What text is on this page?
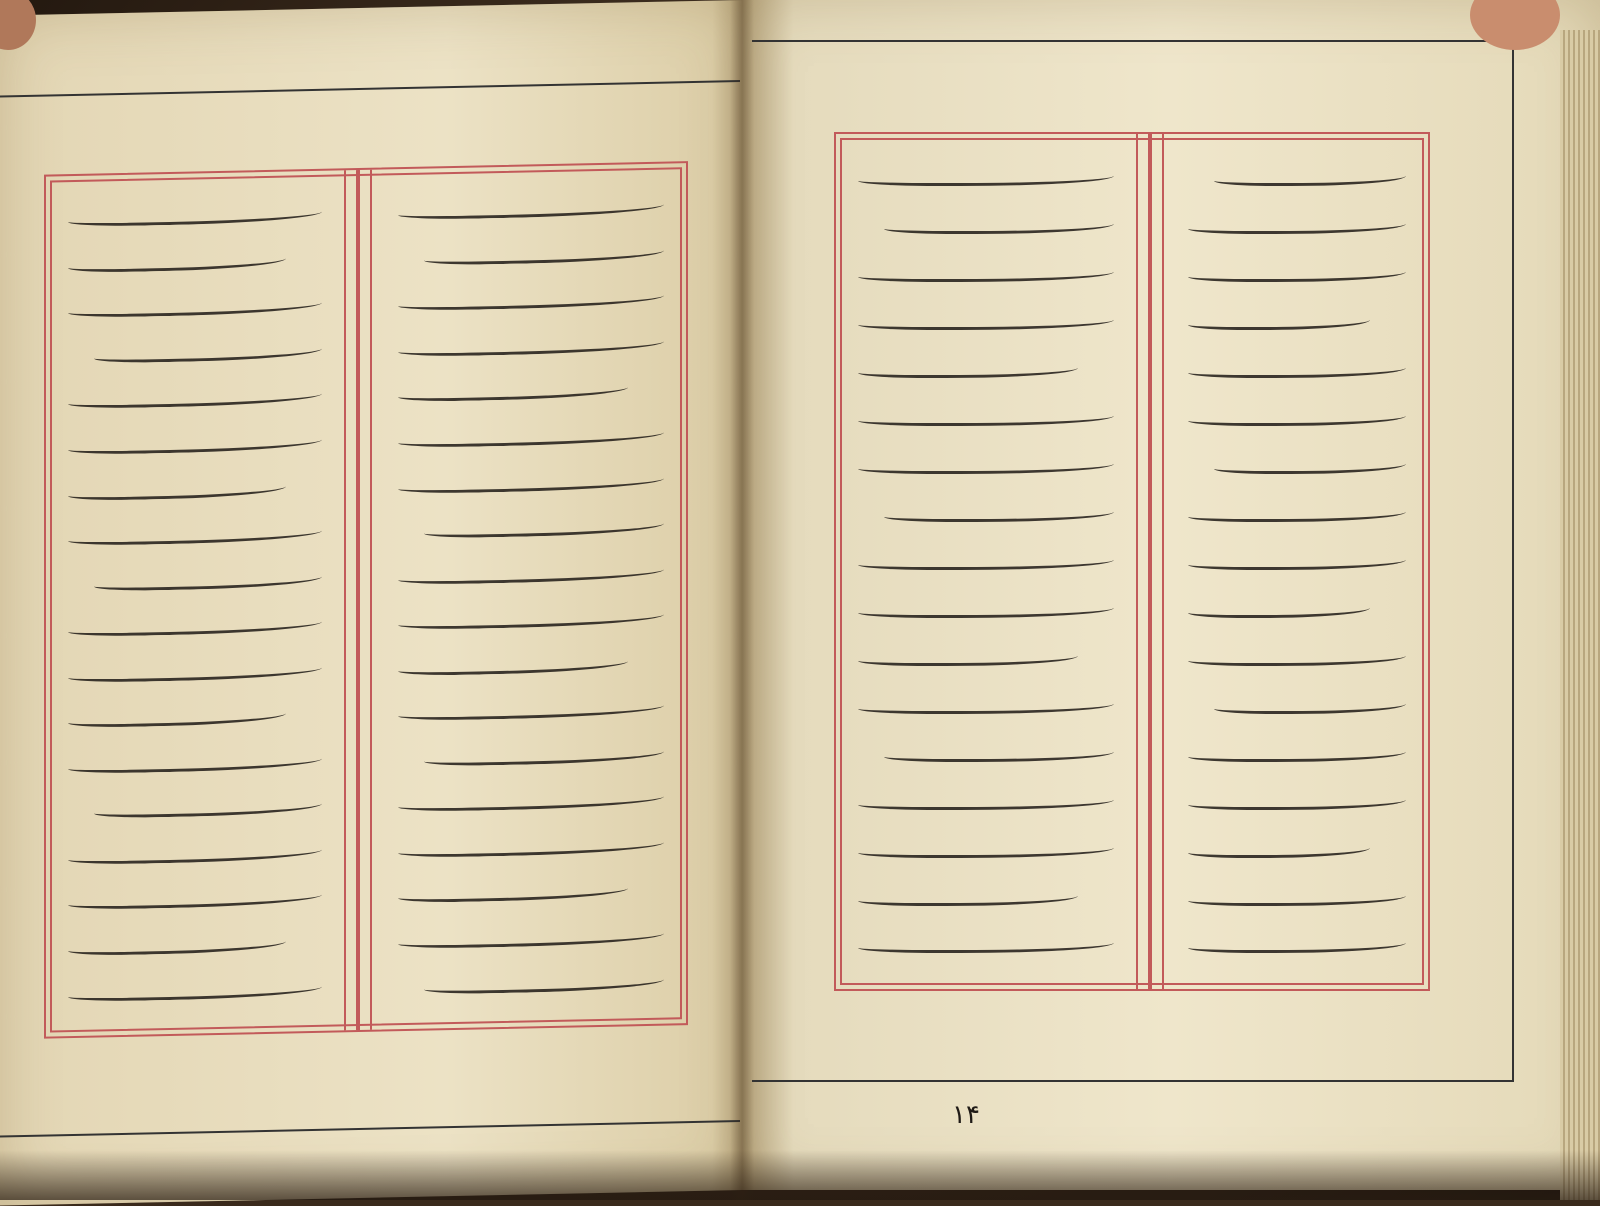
۱۴
